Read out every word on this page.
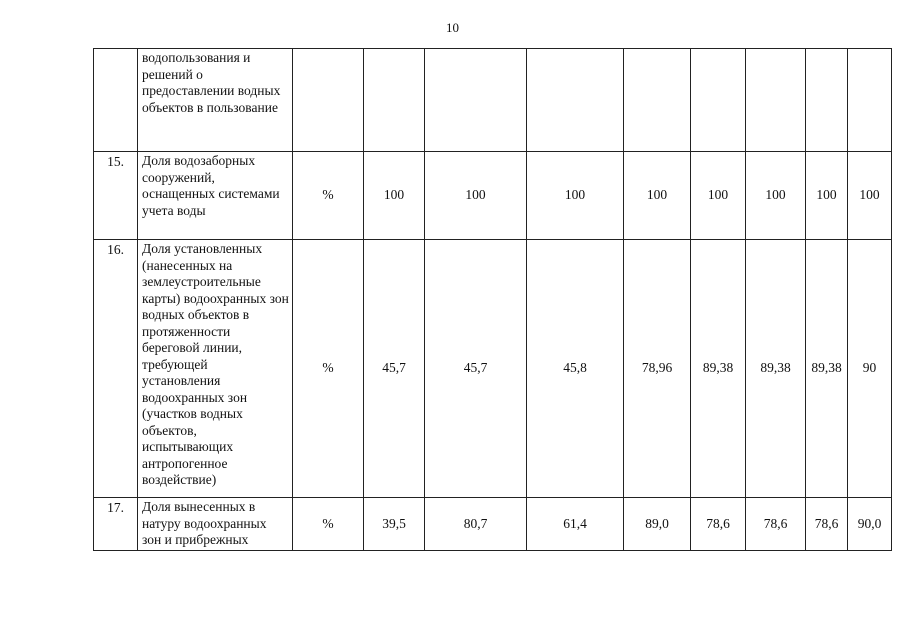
10

	водопользования и решений о предоставлении водных объектов в пользование									

15.	Доля водозаборных сооружений, оснащенных системами учета воды	%	100	100	100	100	100	100	100	100
16.	Доля установленных (нанесенных на землеустроительные карты) водоохранных зон водных объектов в протяженности береговой линии, требующей установления водоохранных зон (участков водных объектов, испытывающих антропогенное воздействие)	%	45,7	45,7	45,8	78,96	89,38	89,38	89,38	90
17.	Доля вынесенных в натуру водоохранных зон и прибрежных	%	39,5	80,7	61,4	89,0	78,6	78,6	78,6	90,0
